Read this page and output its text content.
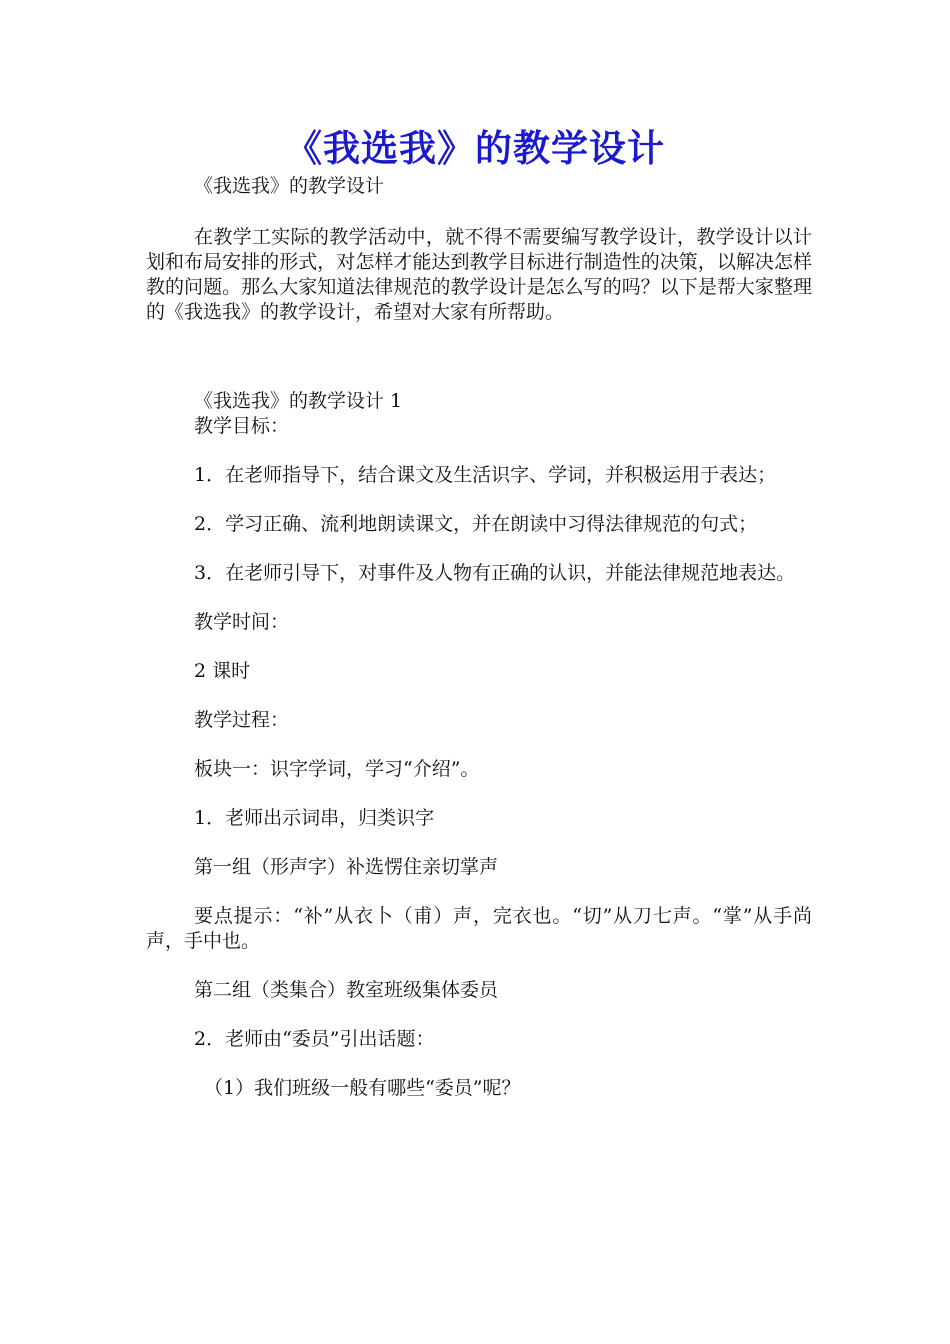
《我选我》的教学设计

《我选我》的教学设计

在教学工实际的教学活动中，就不得不需要编写教学设计，教学设计以计划和布局安排的形式，对怎样才能达到教学目标进行制造性的决策，以解决怎样教的问题。那么大家知道法律规范的教学设计是怎么写的吗？以下是帮大家整理的《我选我》的教学设计，希望对大家有所帮助。

《我选我》的教学设计 1

教学目标：

1．在老师指导下，结合课文及生活识字、学词，并积极运用于表达；

2．学习正确、流利地朗读课文，并在朗读中习得法律规范的句式；

3．在老师引导下，对事件及人物有正确的认识，并能法律规范地表达。

教学时间：

2 课时

教学过程：

板块一：识字学词，学习“介绍”。

1．老师出示词串，归类识字

第一组（形声字）补选愣住亲切掌声

要点提示：“补”从衣卜（甫）声，完衣也。“切”从刀七声。“掌”从手尚声，手中也。

第二组（类集合）教室班级集体委员

2．老师由“委员”引出话题：

（1）我们班级一般有哪些“委员”呢？
